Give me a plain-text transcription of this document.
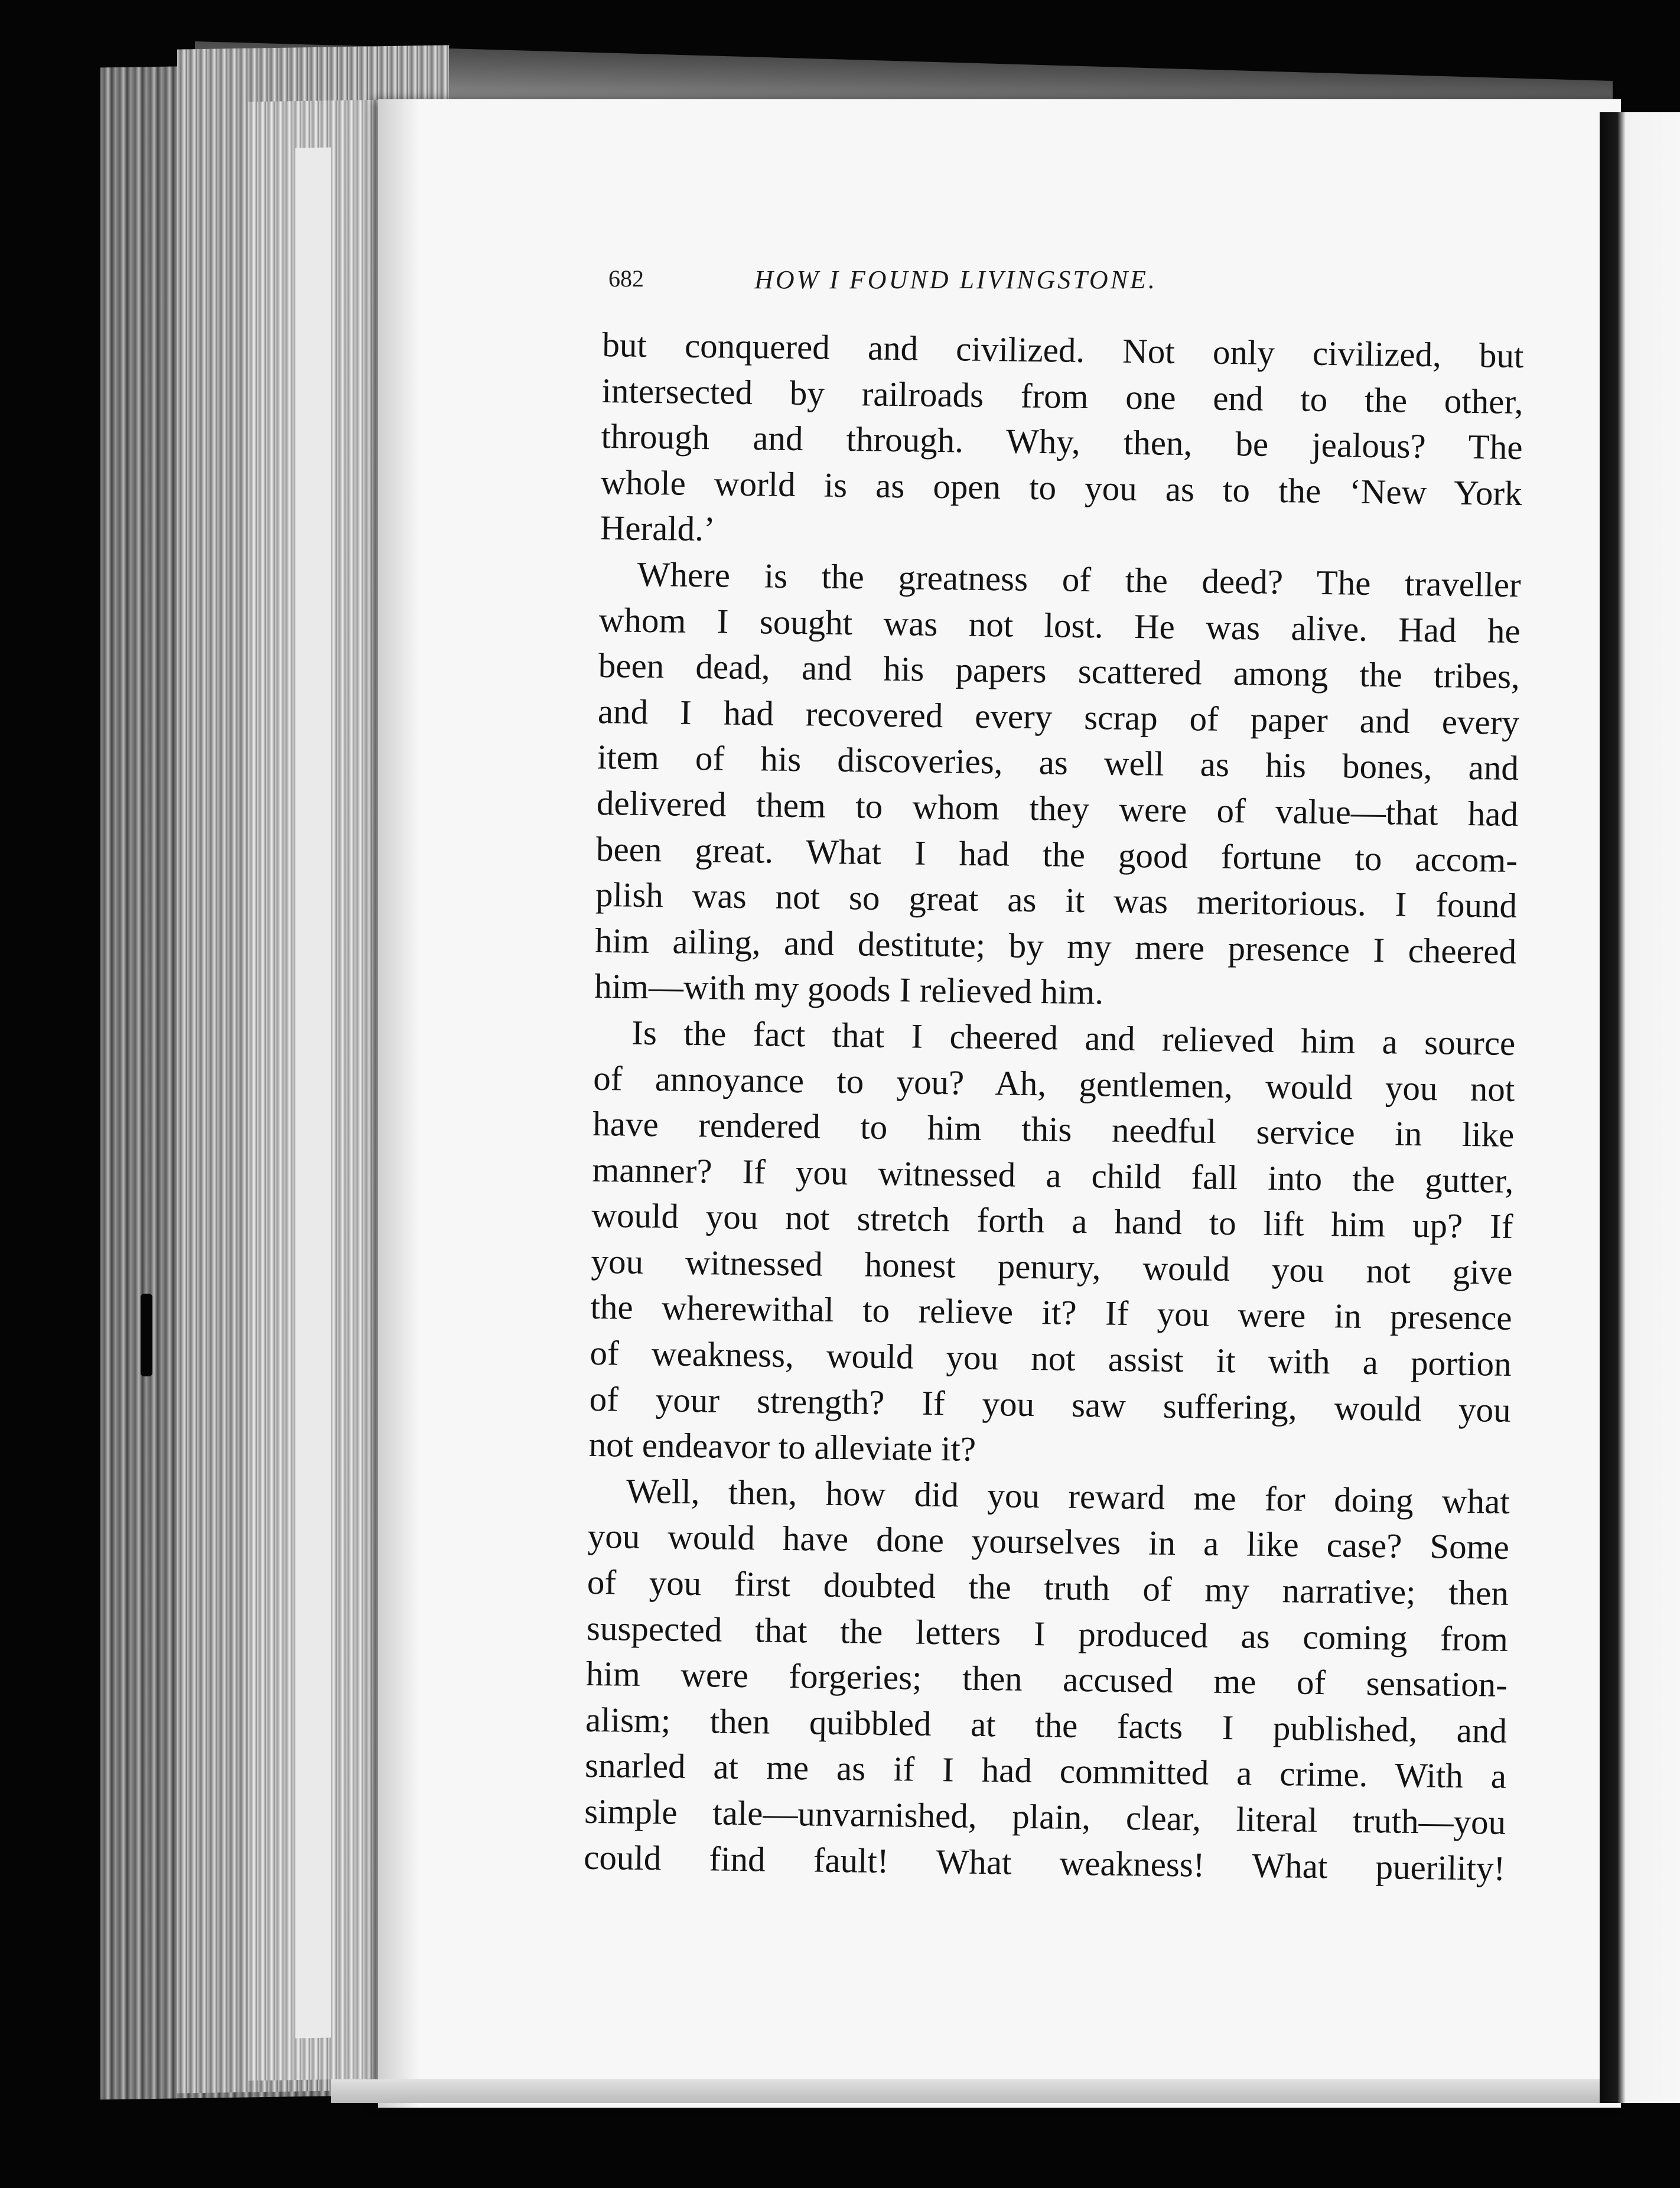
682	HOW I FOUND LIVINGSTONE.
but conquered and civilized. Not only civilized, but
intersected by railroads from one end to the other,
through and through. Why, then, be jealous? The
whole world is as open to you as to the ‘New York
Herald.’
Where is the greatness of the deed? The traveller
whom I sought was not lost. He was alive. Had he
been dead, and his papers scattered among the tribes,
and I had recovered every scrap of paper and every
item of his discoveries, as well as his bones, and
delivered them to whom they were of value—that had
been great. What I had the good fortune to accom-
plish was not so great as it was meritorious. I found
him ailing, and destitute; by my mere presence I cheered
him—with my goods I relieved him.
Is the fact that I cheered and relieved him a source
of annoyance to you? Ah, gentlemen, would you not
have rendered to him this needful service in like
manner? If you witnessed a child fall into the gutter,
would you not stretch forth a hand to lift him up? If
you witnessed honest penury, would you not give
the wherewithal to relieve it? If you were in presence
of weakness, would you not assist it with a portion
of your strength? If you saw suffering, would you
not endeavor to alleviate it?
Well, then, how did you reward me for doing what
you would have done yourselves in a like case? Some
of you first doubted the truth of my narrative; then
suspected that the letters I produced as coming from
him were forgeries; then accused me of sensation-
alism; then quibbled at the facts I published, and
snarled at me as if I had committed a crime. With a
simple tale—unvarnished, plain, clear, literal truth—you
could find fault! What weakness! What puerility!
